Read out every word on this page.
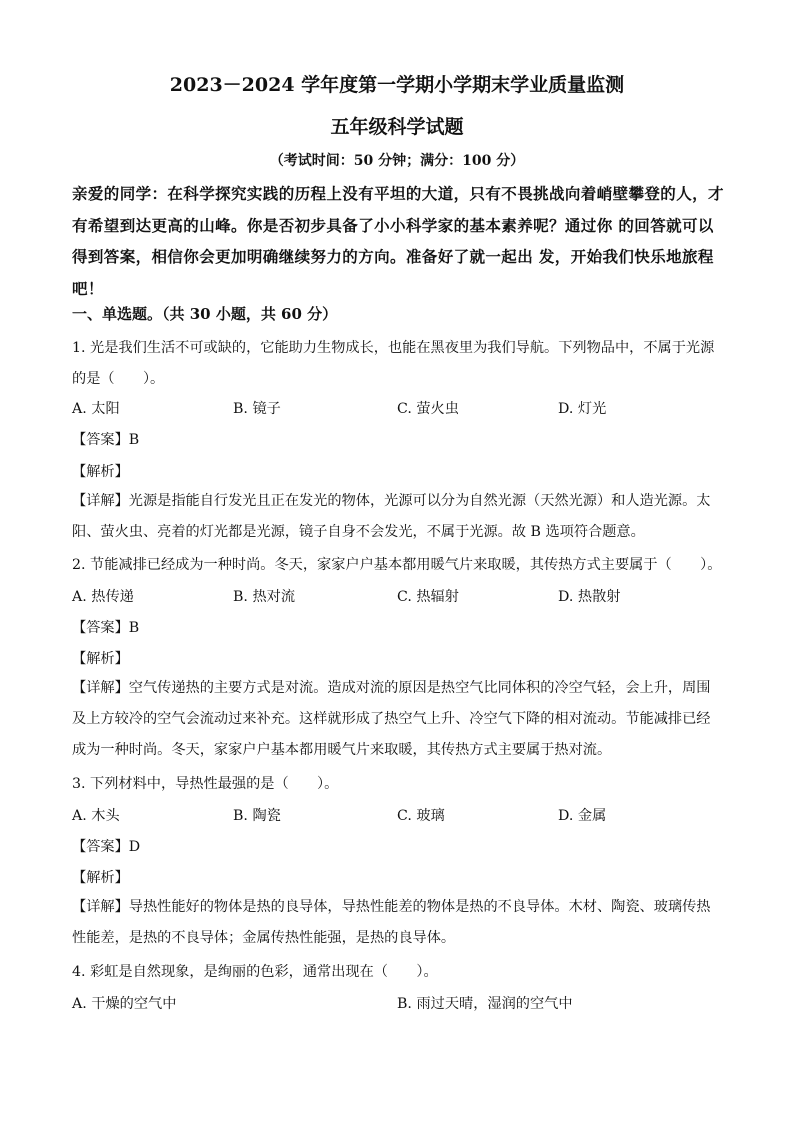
2023－2024 学年度第一学期小学期末学业质量监测
五年级科学试题
（考试时间：50 分钟；满分：100 分）
亲爱的同学：在科学探究实践的历程上没有平坦的大道，只有不畏挑战向着峭壁攀登的人，才有希望到达更高的山峰。你是否初步具备了小小科学家的基本素养呢？通过你 的回答就可以得到答案，相信你会更加明确继续努力的方向。准备好了就一起出 发，开始我们快乐地旅程吧！
一、单选题。（共 30 小题，共 60 分）
1. 光是我们生活不可或缺的，它能助力生物成长，也能在黑夜里为我们导航。下列物品中，不属于光源的是（　　）。
A. 太阳	B. 镜子	C. 萤火虫	D. 灯光
【答案】B
【解析】
【详解】光源是指能自行发光且正在发光的物体，光源可以分为自然光源（天然光源）和人造光源。太阳、萤火虫、亮着的灯光都是光源，镜子自身不会发光，不属于光源。故 B 选项符合题意。
2. 节能减排已经成为一种时尚。冬天，家家户户基本都用暖气片来取暖，其传热方式主要属于（　　）。
A. 热传递	B. 热对流	C. 热辐射	D. 热散射
【答案】B
【解析】
【详解】空气传递热的主要方式是对流。造成对流的原因是热空气比同体积的冷空气轻，会上升，周围及上方较冷的空气会流动过来补充。这样就形成了热空气上升、冷空气下降的相对流动。节能减排已经成为一种时尚。冬天，家家户户基本都用暖气片来取暖，其传热方式主要属于热对流。
3. 下列材料中，导热性最强的是（　　）。
A. 木头	B. 陶瓷	C. 玻璃	D. 金属
【答案】D
【解析】
【详解】导热性能好的物体是热的良导体，导热性能差的物体是热的不良导体。木材、陶瓷、玻璃传热性能差，是热的不良导体；金属传热性能强，是热的良导体。
4. 彩虹是自然现象，是绚丽的色彩，通常出现在（　　）。
A. 干燥的空气中	B. 雨过天晴，湿润的空气中
